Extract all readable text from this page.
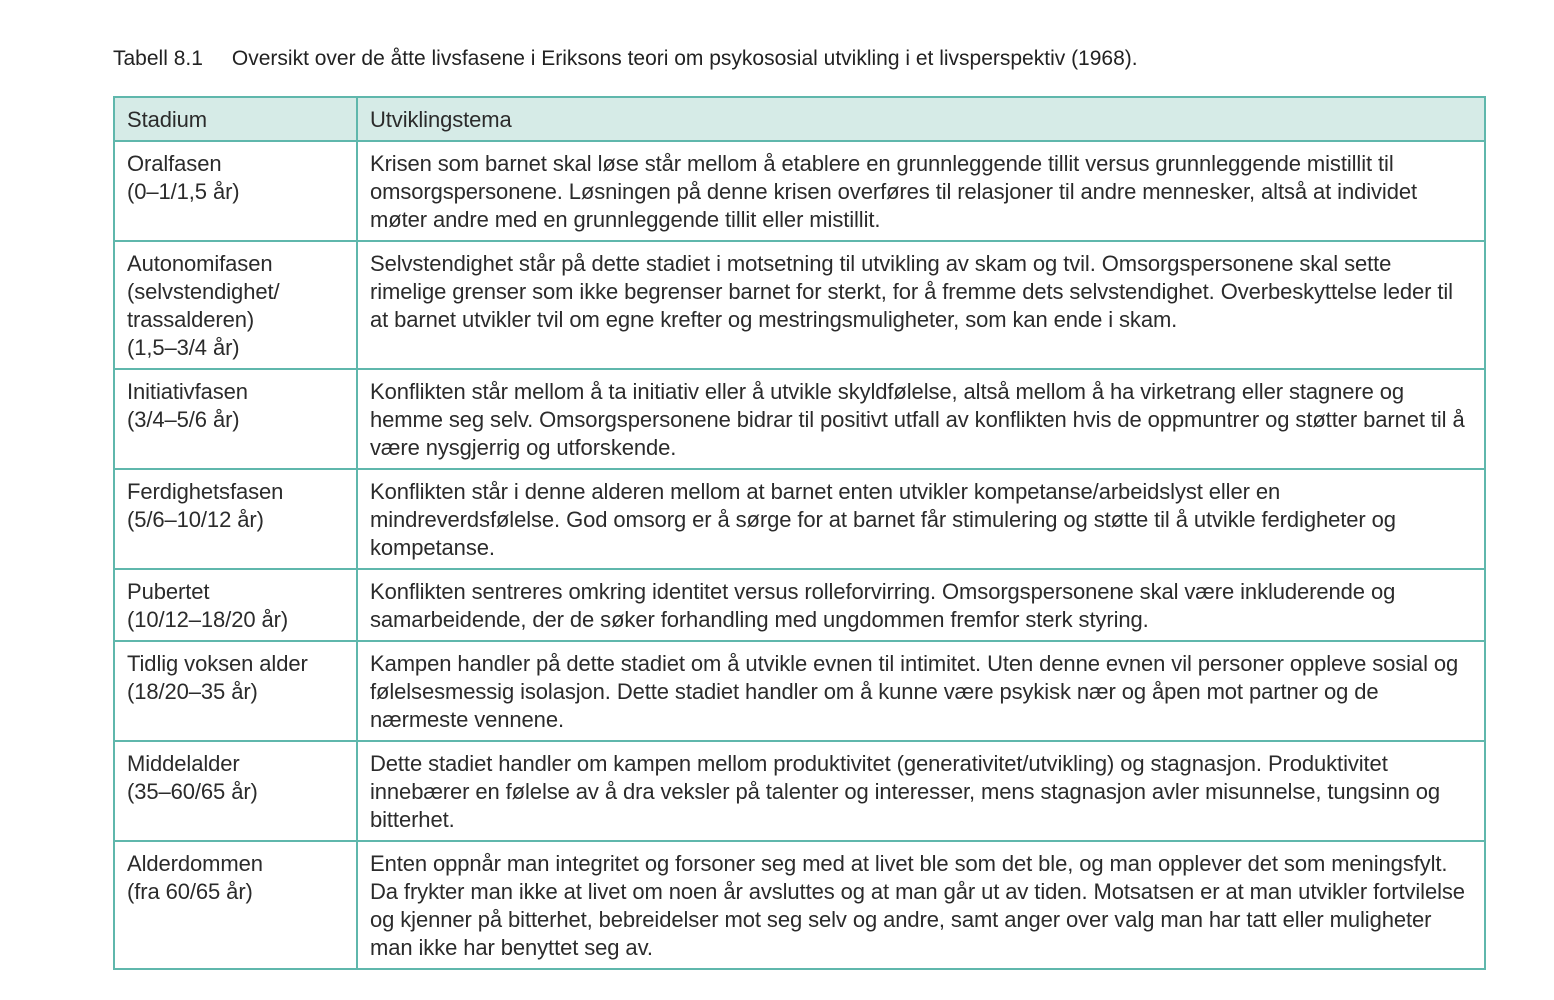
Tabell 8.1 Oversikt over de åtte livsfasene i Eriksons teori om psykososial utvikling i et livsperspektiv (1968).
Stadium	Utviklingstema

Oralfasen
(0–1/1,5 år)	Krisen som barnet skal løse står mellom å etablere en grunnleggende tillit versus grunnleggende mistillit til omsorgspersonene. Løsningen på denne krisen overføres til relasjoner til andre mennesker, altså at individet møter andre med en grunnleggende tillit eller mistillit.

Autonomifasen
(selvstendighet/ trassalderen) (1,5–3/4 år)	Selvstendighet står på dette stadiet i motsetning til utvikling av skam og tvil. Omsorgspersonene skal sette rimelige grenser som ikke begrenser barnet for sterkt, for å fremme dets selvstendighet. Overbeskyttelse leder til at barnet utvikler tvil om egne krefter og mestringsmuligheter, som kan ende i skam.

Initiativfasen
(3/4–5/6 år)	Konflikten står mellom å ta initiativ eller å utvikle skyldfølelse, altså mellom å ha virketrang eller stagnere og hemme seg selv. Omsorgspersonene bidrar til positivt utfall av konflikten hvis de oppmuntrer og støtter barnet til å være nysgjerrig og utforskende.

Ferdighetsfasen
(5/6–10/12 år)	Konflikten står i denne alderen mellom at barnet enten utvikler kompetanse/arbeidslyst eller en mindreverdsfølelse. God omsorg er å sørge for at barnet får stimulering og støtte til å utvikle ferdigheter og kompetanse.

Pubertet
(10/12–18/20 år)	Konflikten sentreres omkring identitet versus rolleforvirring. Omsorgspersonene skal være inkluderende og samarbeidende, der de søker forhandling med ungdommen fremfor sterk styring.

Tidlig voksen alder
(18/20–35 år)	Kampen handler på dette stadiet om å utvikle evnen til intimitet. Uten denne evnen vil personer oppleve sosial og følelsesmessig isolasjon. Dette stadiet handler om å kunne være psykisk nær og åpen mot partner og de nærmeste vennene.

Middelalder
(35–60/65 år)	Dette stadiet handler om kampen mellom produktivitet (generativitet/utvikling) og stagnasjon. Produktivitet innebærer en følelse av å dra veksler på talenter og interesser, mens stagnasjon avler misunnelse, tungsinn og bitterhet.

Alderdommen
(fra 60/65 år)	Enten oppnår man integritet og forsoner seg med at livet ble som det ble, og man opplever det som meningsfylt. Da frykter man ikke at livet om noen år avsluttes og at man går ut av tiden. Motsatsen er at man utvikler fortvilelse og kjenner på bitterhet, bebreidelser mot seg selv og andre, samt anger over valg man har tatt eller muligheter man ikke har benyttet seg av.
